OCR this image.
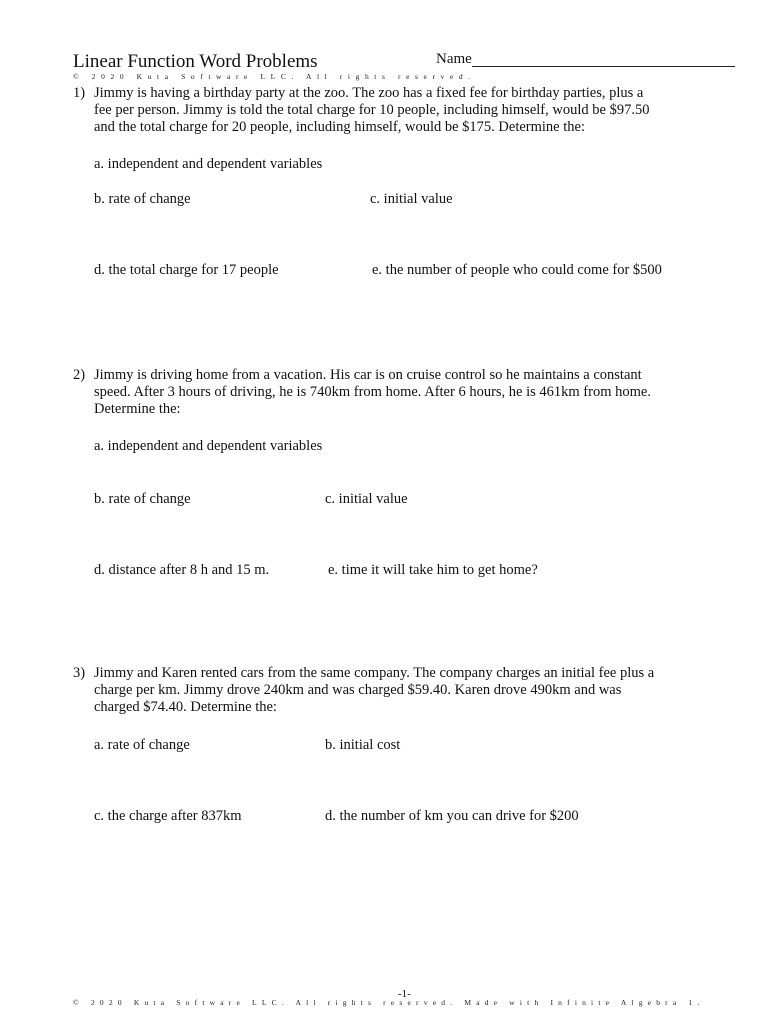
Linear Function Word Problems	Name
© 2020 Kuta Software LLC. All rights reserved.
1) Jimmy is having a birthday party at the zoo. The zoo has a fixed fee for birthday parties, plus a
fee per person. Jimmy is told the total charge for 10 people, including himself, would be $97.50
and the total charge for 20 people, including himself, would be $175. Determine the:
a. independent and dependent variables
b. rate of change	c. initial value
d. the total charge for 17 people	e. the number of people who could come for $500
2) Jimmy is driving home from a vacation. His car is on cruise control so he maintains a constant
speed. After 3 hours of driving, he is 740km from home. After 6 hours, he is 461km from home.
Determine the:
a. independent and dependent variables
b. rate of change	c. initial value
d. distance after 8 h and 15 m.	e. time it will take him to get home?
3) Jimmy and Karen rented cars from the same company. The company charges an initial fee plus a
charge per km. Jimmy drove 240km and was charged $59.40. Karen drove 490km and was
charged $74.40. Determine the:
a. rate of change	b. initial cost
c. the charge after 837km	d. the number of km you can drive for $200
© 2020 Kuta Software LLC. All rights reserved. Made with Infinite Algebra 1.
-1-
